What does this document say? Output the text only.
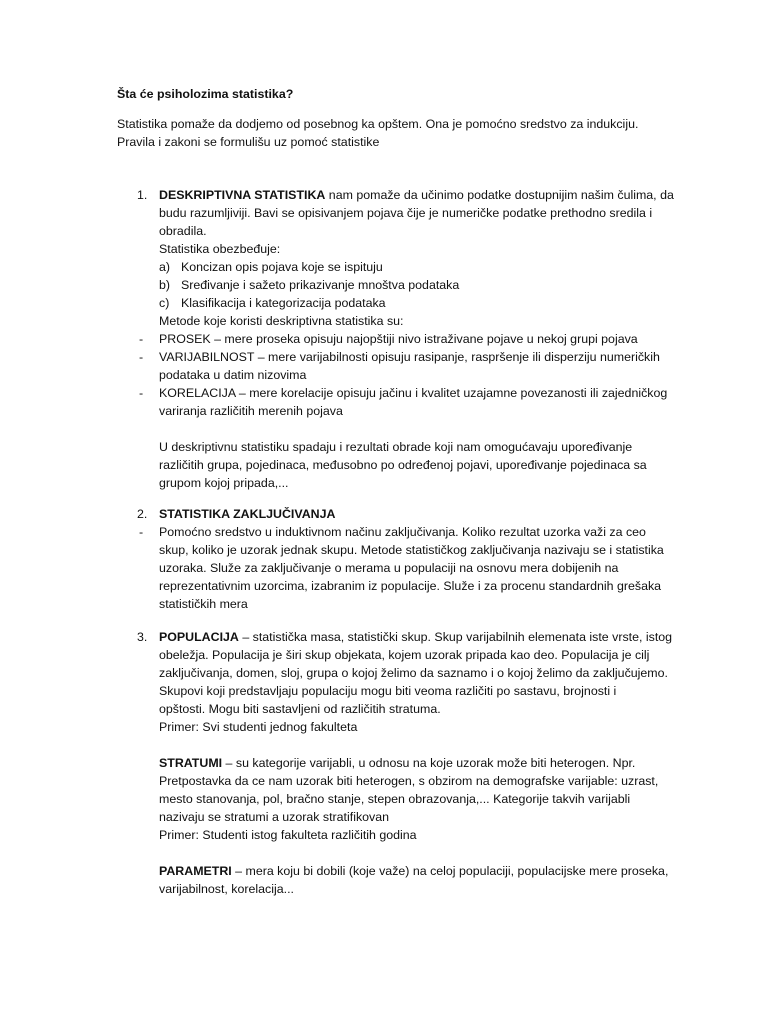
Šta će psiholozima statistika?

Statistika pomaže da dodjemo od posebnog ka opštem. Ona je pomoćno sredstvo za indukciju.

Pravila i zakoni se formulišu uz pomoć statistike

1. DESKRIPTIVNA STATISTIKA nam pomaže da učinimo podatke dostupnijim našim čulima, da

budu razumljiviji. Bavi se opisivanjem pojava čije je numeričke podatke prethodno sredila i

obradila.

Statistika obezbeđuje:

a) Koncizan opis pojava koje se ispituju

b) Sređivanje i sažeto prikazivanje mnoštva podataka

c) Klasifikacija i kategorizacija podataka

Metode koje koristi deskriptivna statistika su:

- PROSEK – mere proseka opisuju najopštiji nivo istraživane pojave u nekoj grupi pojava

- VARIJABILNOST – mere varijabilnosti opisuju rasipanje, raspršenje ili disperziju numeričkih

podataka u datim nizovima

- KORELACIJA – mere korelacije opisuju jačinu i kvalitet uzajamne povezanosti ili zajedničkog

variranja različitih merenih pojava

U deskriptivnu statistiku spadaju i rezultati obrade koji nam omogućavaju upoređivanje

različitih grupa, pojedinaca, međusobno po određenoj pojavi, upoređivanje pojedinaca sa

grupom kojoj pripada,...

2. STATISTIKA ZAKLJUČIVANJA

- Pomoćno sredstvo u induktivnom načinu zaključivanja. Koliko rezultat uzorka važi za ceo

skup, koliko je uzorak jednak skupu. Metode statističkog zaključivanja nazivaju se i statistika

uzoraka. Služe za zaključivanje o merama u populaciji na osnovu mera dobijenih na

reprezentativnim uzorcima, izabranim iz populacije. Služe i za procenu standardnih grešaka

statističkih mera

3. POPULACIJA – statistička masa, statistički skup. Skup varijabilnih elemenata iste vrste, istog

obeležja. Populacija je širi skup objekata, kojem uzorak pripada kao deo. Populacija je cilj

zaključivanja, domen, sloj, grupa o kojoj želimo da saznamo i o kojoj želimo da zaključujemo.

Skupovi koji predstavljaju populaciju mogu biti veoma različiti po sastavu, brojnosti i

opštosti. Mogu biti sastavljeni od različitih stratuma.

Primer: Svi studenti jednog fakulteta

STRATUMI – su kategorije varijabli, u odnosu na koje uzorak može biti heterogen. Npr.

Pretpostavka da ce nam uzorak biti heterogen, s obzirom na demografske varijable: uzrast,

mesto stanovanja, pol, bračno stanje, stepen obrazovanja,... Kategorije takvih varijabli

nazivaju se stratumi a uzorak stratifikovan

Primer: Studenti istog fakulteta različitih godina

PARAMETRI – mera koju bi dobili (koje važe) na celoj populaciji, populacijske mere proseka,

varijabilnost, korelacija...
